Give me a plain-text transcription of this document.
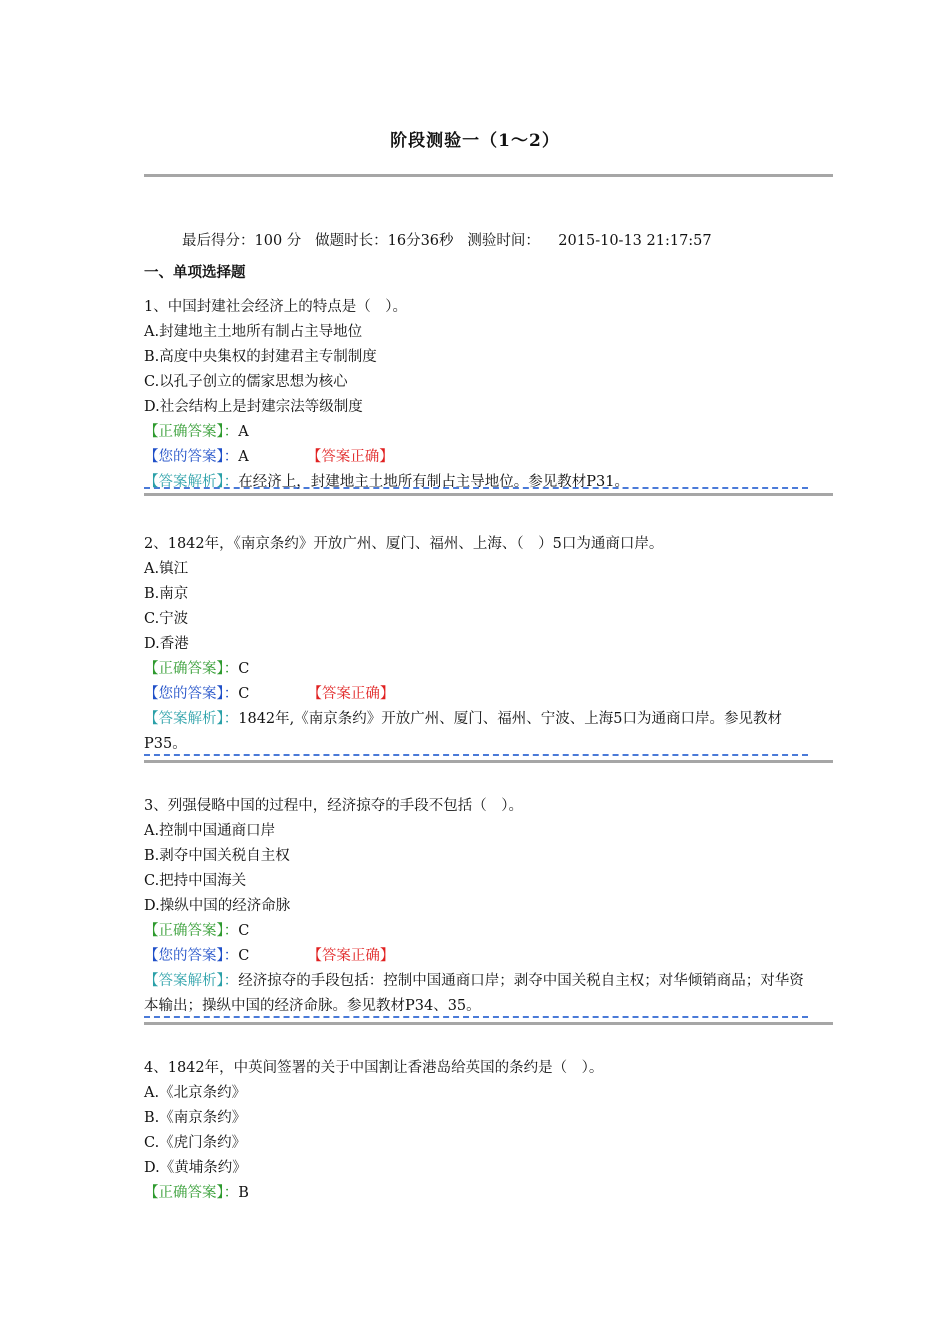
阶段测验一（1～2）
最后得分：100 分 做题时长：16分36秒 测验时间： 2015-10-13 21:17:57
一、单项选择题
1、中国封建社会经济上的特点是（　）。
A.封建地主土地所有制占主导地位
B.高度中央集权的封建君主专制制度
C.以孔子创立的儒家思想为核心
D.社会结构上是封建宗法等级制度
【正确答案】：A
【您的答案】：A	【答案正确】
【答案解析】：在经济上，封建地主土地所有制占主导地位。参见教材P31。
2、1842年，《南京条约》开放广州、厦门、福州、上海、（　）5口为通商口岸。
A.镇江
B.南京
C.宁波
D.香港
【正确答案】：C
【您的答案】：C	【答案正确】
【答案解析】：1842年,《南京条约》开放广州、厦门、福州、宁波、上海5口为通商口岸。参见教材P35。
3、列强侵略中国的过程中，经济掠夺的手段不包括（　）。
A.控制中国通商口岸
B.剥夺中国关税自主权
C.把持中国海关
D.操纵中国的经济命脉
【正确答案】：C
【您的答案】：C	【答案正确】
【答案解析】：经济掠夺的手段包括：控制中国通商口岸；剥夺中国关税自主权；对华倾销商品；对华资本输出；操纵中国的经济命脉。参见教材P34、35。
4、1842年，中英间签署的关于中国割让香港岛给英国的条约是（　）。
A.《北京条约》
B.《南京条约》
C.《虎门条约》
D.《黄埔条约》
【正确答案】：B
